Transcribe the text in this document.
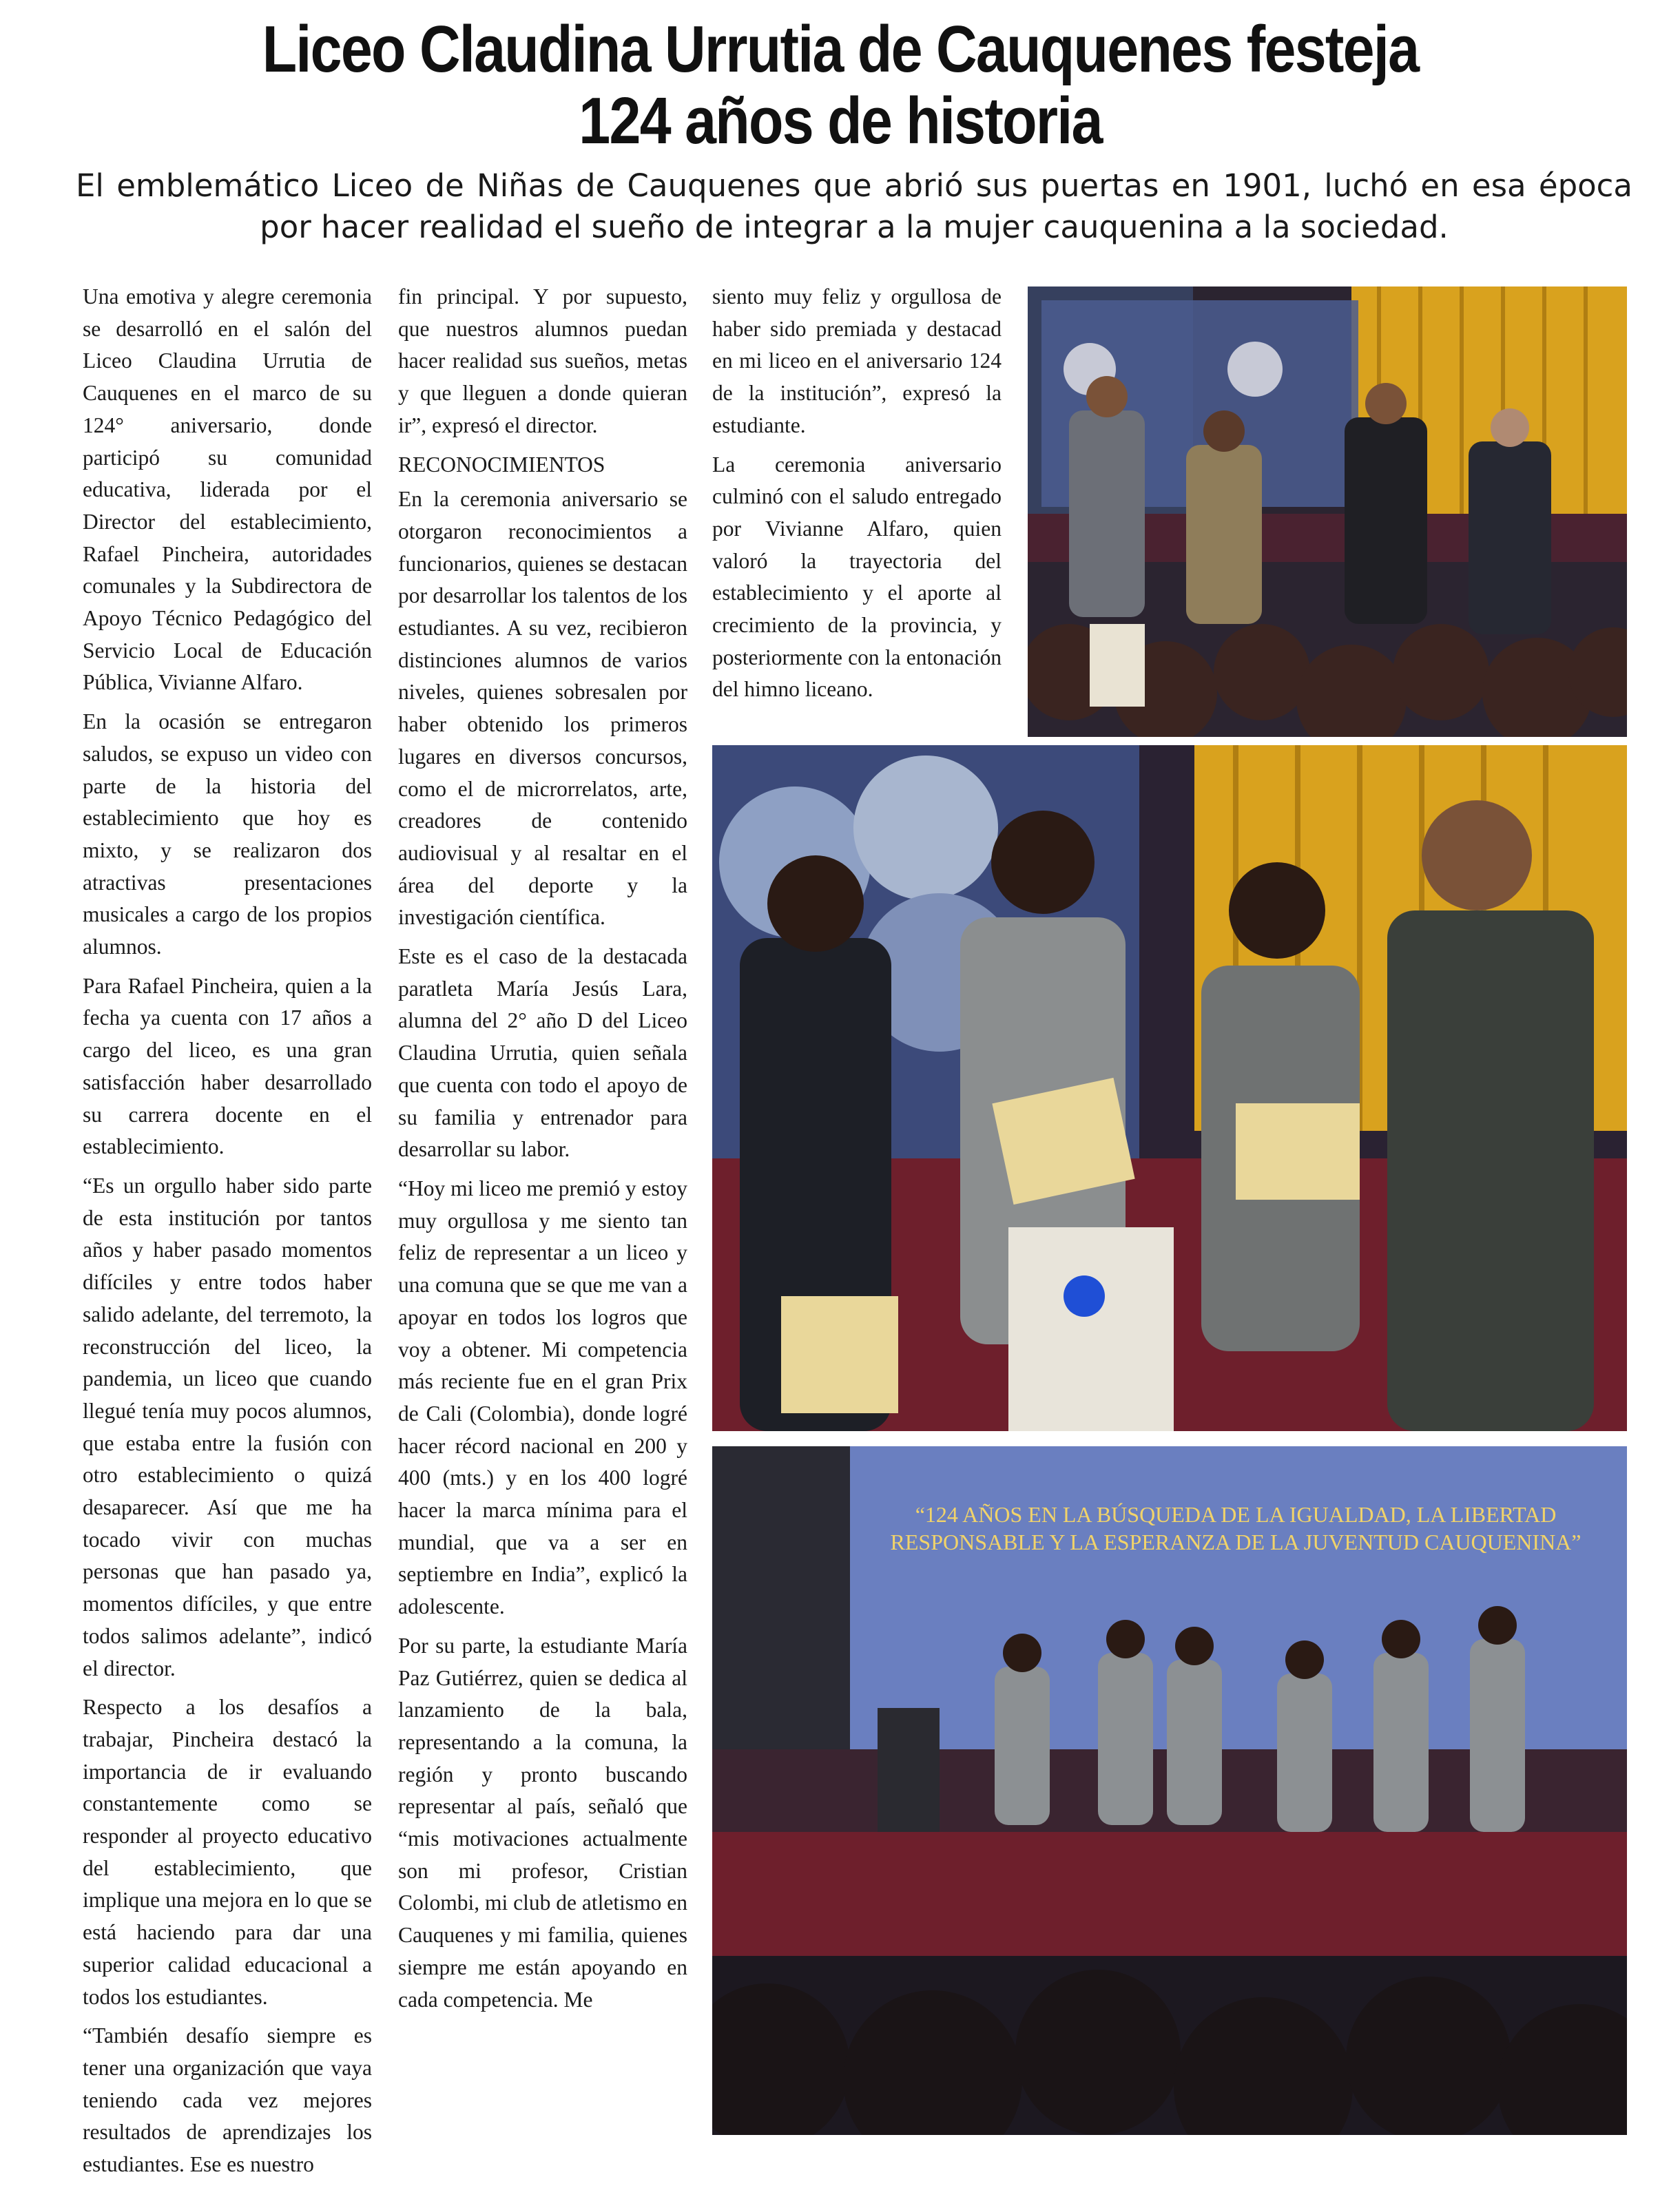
Liceo Claudina Urrutia de Cauquenes festeja
124 años de historia

El emblemático Liceo de Niñas de Cauquenes que abrió sus puertas en 1901, luchó en esa época por hacer realidad el sueño de integrar a la mujer cauquenina a la sociedad.

Una emotiva y alegre ceremonia se desarrolló en el salón del Liceo Claudina Urrutia de Cauquenes en el marco de su 124° aniversario, donde participó su comunidad educativa, liderada por el Director del establecimiento, Rafael Pincheira, autoridades comunales y la Subdirectora de Apoyo Técnico Pedagógico del Servicio Local de Educación Pública, Vivianne Alfaro.

En la ocasión se entregaron saludos, se expuso un video con parte de la historia del establecimiento que hoy es mixto, y se realizaron dos atractivas presentaciones musicales a cargo de los propios alumnos.

Para Rafael Pincheira, quien a la fecha ya cuenta con 17 años a cargo del liceo, es una gran satisfacción haber desarrollado su carrera docente en el establecimiento.

“Es un orgullo haber sido parte de esta institución por tantos años y haber pasado momentos difíciles y entre todos haber salido adelante, del terremoto, la reconstrucción del liceo, la pandemia, un liceo que cuando llegué tenía muy pocos alumnos, que estaba entre la fusión con otro establecimiento o quizá desaparecer. Así que me ha tocado vivir con muchas personas que han pasado ya, momentos difíciles, y que entre todos salimos adelante”, indicó el director.

Respecto a los desafíos a trabajar, Pincheira destacó la importancia de ir evaluando constantemente como se responder al proyecto educativo del establecimiento, que implique una mejora en lo que se está haciendo para dar una superior calidad educacional a todos los estudiantes.

“También desafío siempre es tener una organización que vaya teniendo cada vez mejores resultados de aprendizajes los estudiantes. Ese es nuestro

fin principal. Y por supuesto, que nuestros alumnos puedan hacer realidad sus sueños, metas y que lleguen a donde quieran ir”, expresó el director.

RECONOCIMIENTOS

En la ceremonia aniversario se otorgaron reconocimientos a funcionarios, quienes se destacan por desarrollar los talentos de los estudiantes. A su vez, recibieron distinciones alumnos de varios niveles, quienes sobresalen por haber obtenido los primeros lugares en diversos concursos, como el de microrrelatos, arte, creadores de contenido audiovisual y al resaltar en el área del deporte y la investigación científica.

Este es el caso de la destacada paratleta María Jesús Lara, alumna del 2° año D del Liceo Claudina Urrutia, quien señala que cuenta con todo el apoyo de su familia y entrenador para desarrollar su labor.

“Hoy mi liceo me premió y estoy muy orgullosa y me siento tan feliz de representar a un liceo y una comuna que se que me van a apoyar en todos los logros que voy a obtener. Mi competencia más reciente fue en el gran Prix de Cali (Colombia), donde logré hacer récord nacional en 200 y 400 (mts.) y en los 400 logré hacer la marca mínima para el mundial, que va a ser en septiembre en India”, explicó la adolescente.

Por su parte, la estudiante María Paz Gutiérrez, quien se dedica al lanzamiento de la bala, representando a la comuna, la región y pronto buscando representar al país, señaló que “mis motivaciones actualmente son mi profesor, Cristian Colombi, mi club de atletismo en Cauquenes y mi familia, quienes siempre me están apoyando en cada competencia. Me

siento muy feliz y orgullosa de haber sido premiada y destacad en mi liceo en el aniversario 124 de la institución”, expresó la estudiante.

La ceremonia aniversario culminó con el saludo entregado por Vivianne Alfaro, quien valoró la trayectoria del establecimiento y el aporte al crecimiento de la provincia, y posteriormente con la entonación del himno liceano.

“124 AÑOS EN LA BÚSQUEDA DE LA IGUALDAD, LA LIBERTAD
RESPONSABLE Y LA ESPERANZA DE LA JUVENTUD CAUQUENINA”
